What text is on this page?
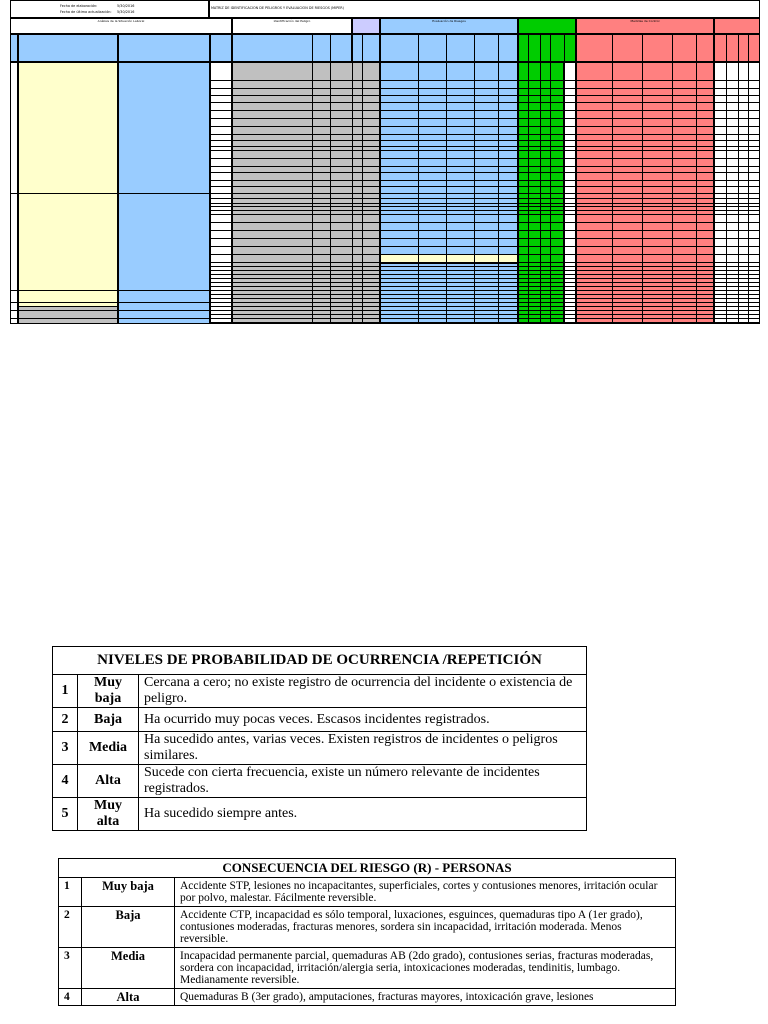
Fecha de elaboración:	5/30/2016
Fecha de última actualización: 5/30/2016
MATRIZ DE IDENTIFICACION DE PELIGROS Y EVALUACION DE RIESGOS (MIPER)
Análisis de la Situación Laboral	Identificación del Peligro	Evaluación de Riesgos	Medidas de Control
NIVELES DE PROBABILIDAD DE OCURRENCIA /REPETICIÓN		
1	Muy baja	Cercana a cero; no existe registro de ocurrencia del incidente o existencia de peligro.
2	Baja	Ha ocurrido muy pocas veces. Escasos incidentes registrados.
3	Media	Ha sucedido antes, varias veces. Existen registros de incidentes o peligros similares.
4	Alta	Sucede con cierta frecuencia, existe un número relevante de incidentes registrados.
5	Muy alta	Ha sucedido siempre antes.
CONSECUENCIA DEL RIESGO (R) - PERSONAS		
1	Muy baja	Accidente STP, lesiones no incapacitantes, superficiales, cortes y contusiones menores, irritación ocular por polvo, malestar. Fácilmente reversible.
2	Baja	Accidente CTP, incapacidad es sólo temporal, luxaciones, esguinces, quemaduras tipo A (1er grado), contusiones moderadas, fracturas menores, sordera sin incapacidad, irritación moderada. Menos reversible.
3	Media	Incapacidad permanente parcial, quemaduras AB (2do grado), contusiones serias, fracturas moderadas, sordera con incapacidad, irritación/alergia seria, intoxicaciones moderadas, tendinitis, lumbago. Medianamente reversible.
4	Alta	Quemaduras B (3er grado), amputaciones, fracturas mayores, intoxicación grave, lesiones
